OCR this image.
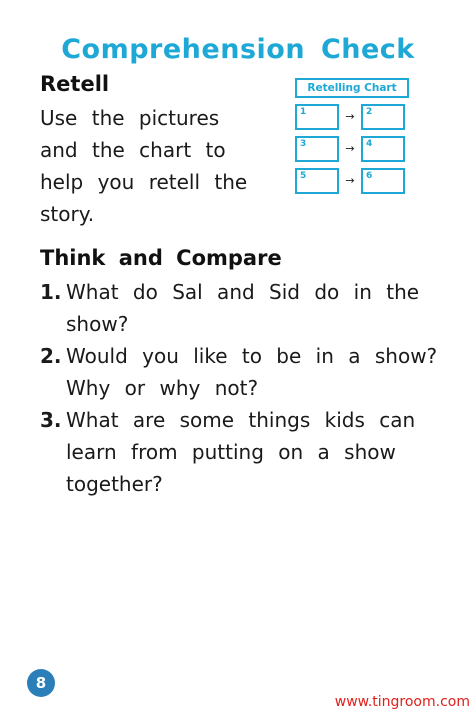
Comprehension Check
Retell
Use the pictures and the chart to help you retell the story.
Retelling Chart
1	→ 2
3	→ 4
5	→ 6
Think and Compare
1. What do Sal and Sid do in the show?
2. Would you like to be in a show? Why or why not?
3. What are some things kids can learn from putting on a show together?
8
www.tingroom.com
